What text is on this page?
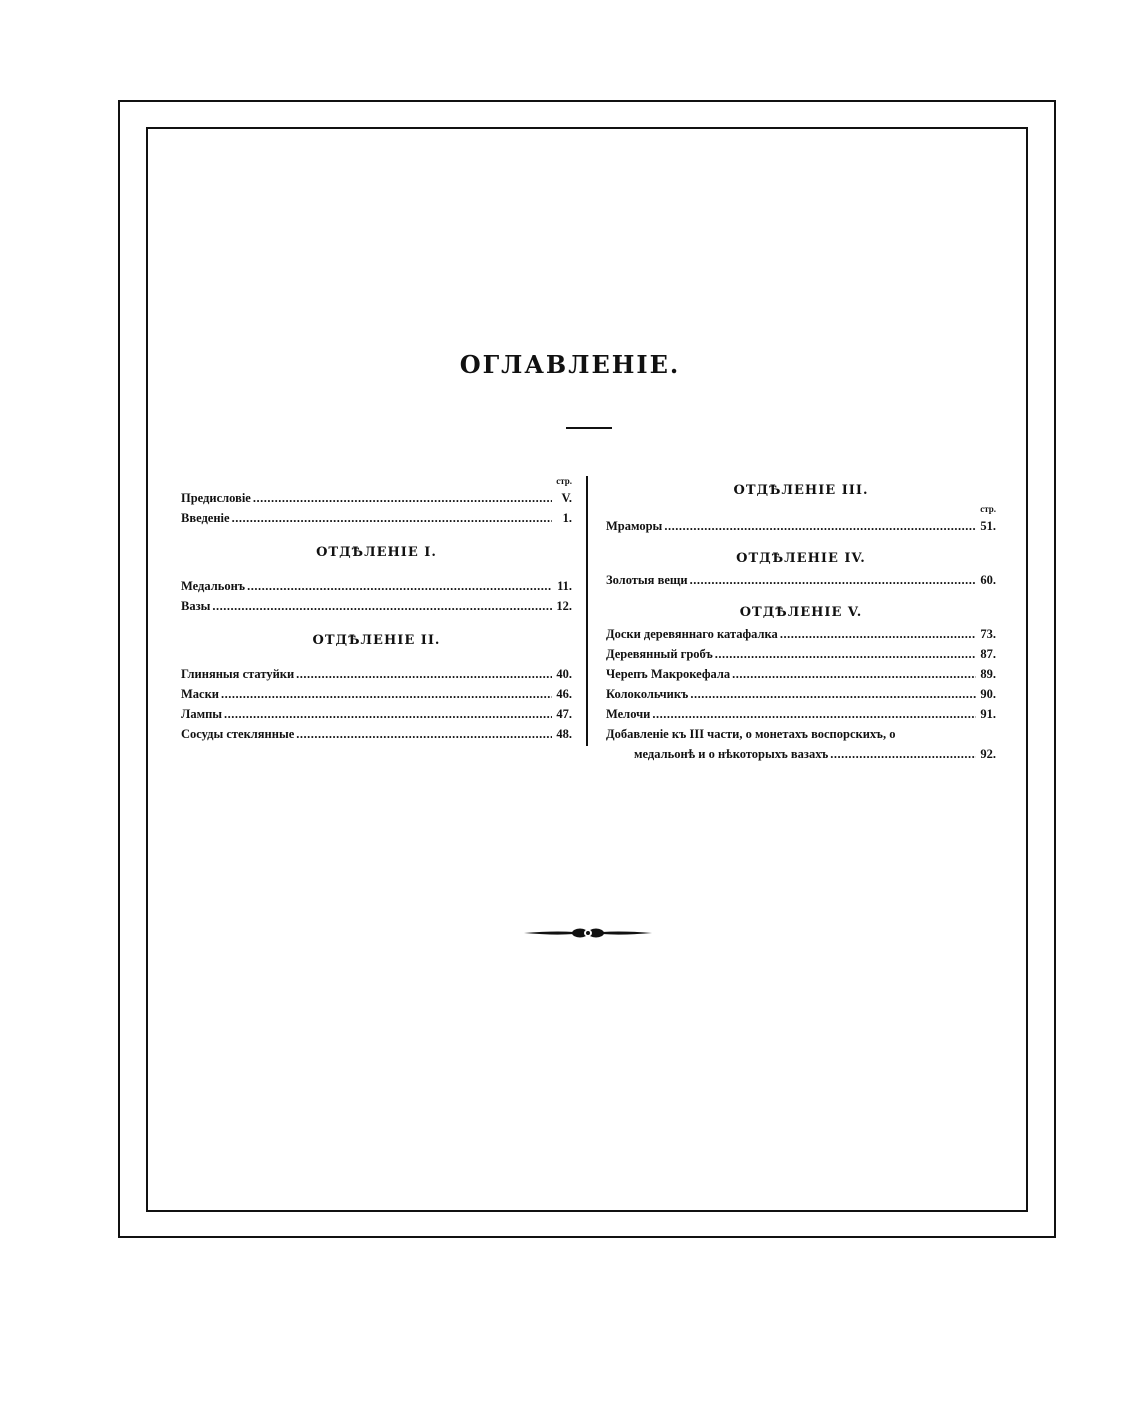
ОГЛАВЛЕНІЕ.
стр.
Предисловіе .....	V.
Введеніе .....	1.
ОТДѢЛЕНІЕ I.
Медальонъ .....	11.
Вазы .....	12.
ОТДѢЛЕНІЕ II.
Глиняныя статуйки .....	40.
Маски .....	46.
Лампы .....	47.
Сосуды стеклянные .....	48.
ОТДѢЛЕНІЕ III.
стр.
Мраморы .....	51.
ОТДѢЛЕНІЕ IV.
Золотыя вещи .....	60.
ОТДѢЛЕНІЕ V.
Доски деревяннаго катафалка .....	73.
Деревянный гробъ .....	87.
Черепъ Макрокефала .....	89.
Колокольчикъ .....	90.
Мелочи .....	91.
Добавленіе къ III части, о монетахъ воспорскихъ, о
медальонѣ и о нѣкоторыхъ вазахъ .....	92.
